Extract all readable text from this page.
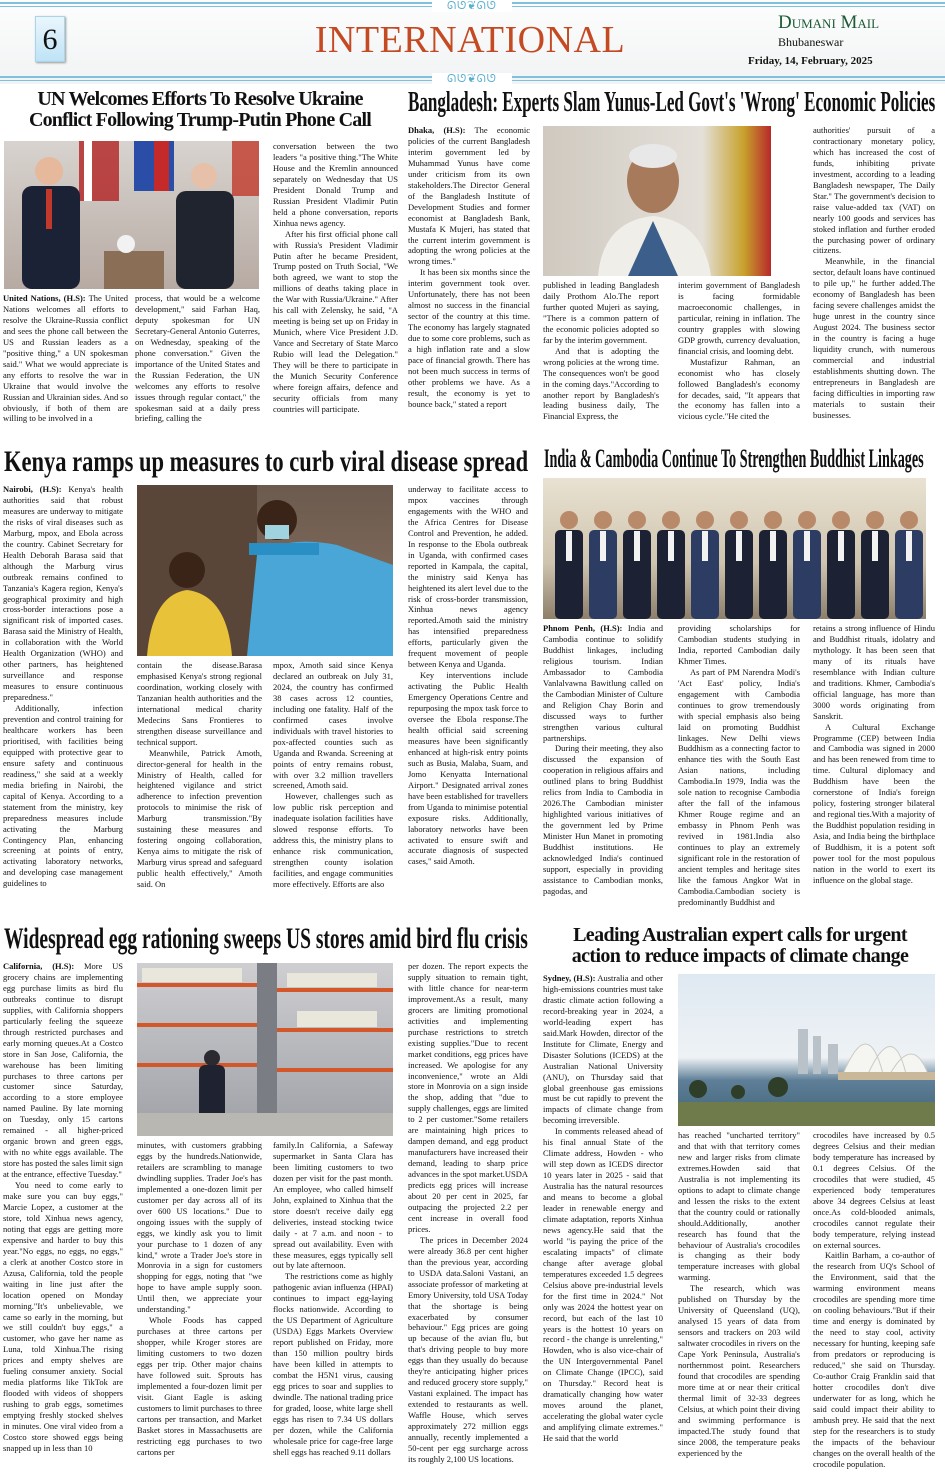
ᘏᘎ❦ᘏᘎ
ᘏᘎ❦ᘏᘎ
6	INTERNATIONAL	Dumani Mail
Bhubaneswar
Friday, 14, February, 2025
UN Welcomes Efforts To Resolve Ukraine
Conflict Following Trump-Putin Phone Call

United Nations, (H.S): The United Nations welcomes all efforts to resolve the Ukraine-Russia conflict and sees the phone call between the US and Russian leaders as a "positive thing," a UN spokesman said." What we would appreciate is any efforts to resolve the war in Ukraine that would involve the Russian and Ukrainian sides. And so obviously, if both of them are willing to be involved in a

process, that would be a welcome development," said Farhan Haq, deputy spokesman for UN Secretary-General Antonio Guterres, on Wednesday, speaking of the phone conversation." Given the importance of the United States and the Russian Federation, the UN welcomes any efforts to resolve issues through regular contact," the spokesman said at a daily press briefing, calling the

conversation between the two leaders "a positive thing."The White House and the Kremlin announced separately on Wednesday that US President Donald Trump and Russian President Vladimir Putin held a phone conversation, reports Xinhua news agency.

After his first official phone call with Russia's President Vladimir Putin after he became President, Trump posted on Truth Social, "We both agreed, we want to stop the millions of deaths taking place in the War with Russia/Ukraine." After his call with Zelensky, he said, "A meeting is being set up on Friday in Munich, where Vice President J.D. Vance and Secretary of State Marco Rubio will lead the Delegation." They will be there to participate in the Munich Security Conference where foreign affairs, defence and security officials from many countries will participate.

Bangladesh: Experts Slam Yunus-Led Govt's 'Wrong' Economic Policies

Dhaka, (H.S): The economic policies of the current Bangladesh interim government led by Muhammad Yunus have come under criticism from its own stakeholders.The Director General of the Bangladesh Institute of Development Studies and former economist at Bangladesh Bank, Mustafa K Mujeri, has stated that the current interim government is adopting the wrong policies at the wrong times."

It has been six months since the interim government took over. Unfortunately, there has not been almost no success in the financial sector of the country at this time. The economy has largely stagnated due to some core problems, such as a high inflation rate and a slow pace of financial growth. There has not been much success in terms of other problems we have. As a result, the economy is yet to bounce back," stated a report

published in leading Bangladesh daily Prothom Alo.The report further quoted Mujeri as saying, "There is a common pattern of the economic policies adopted so far by the interim government.

And that is adopting the wrong policies at the wrong time. The consequences won't be good in the coming days."According to another report by Bangladesh's leading business daily, The Financial Express, the

interim government of Bangladesh is facing formidable macroeconomic challenges, in particular, reining in inflation. The country grapples with slowing GDP growth, currency devaluation, financial crisis, and looming debt.

Mustafizur Rahman, an economist who has closely followed Bangladesh's economy for decades, said, "It appears that the economy has fallen into a vicious cycle."He cited the

authorities' pursuit of a contractionary monetary policy, which has increased the cost of funds, inhibiting private investment, according to a leading Bangladesh newspaper, The Daily Star." The government's decision to raise value-added tax (VAT) on nearly 100 goods and services has stoked inflation and further eroded the purchasing power of ordinary citizens.

Meanwhile, in the financial sector, default loans have continued to pile up," he further added.The economy of Bangladesh has been facing severe challenges amidst the huge unrest in the country since August 2024. The business sector in the country is facing a huge liquidity crunch, with numerous commercial and industrial establishments shutting down. The entrepreneurs in Bangladesh are facing difficulties in importing raw materials to sustain their businesses.

Kenya ramps up measures to curb viral disease spread

Nairobi, (H.S): Kenya's health authorities said that robust measures are underway to mitigate the risks of viral diseases such as Marburg, mpox, and Ebola across the country. Cabinet Secretary for Health Deborah Barasa said that although the Marburg virus outbreak remains confined to Tanzania's Kagera region, Kenya's geographical proximity and high cross-border interactions pose a significant risk of imported cases. Barasa said the Ministry of Health, in collaboration with the World Health Organization (WHO) and other partners, has heightened surveillance and response measures to ensure continuous preparedness."

Additionally, infection prevention and control training for healthcare workers has been prioritised, with facilities being equipped with protective gear to ensure safety and continuous readiness," she said at a weekly media briefing in Nairobi, the capital of Kenya. According to a statement from the ministry, key preparedness measures include activating the Marburg Contingency Plan, enhancing screening at points of entry, activating laboratory networks, and developing case management guidelines to

contain the disease.Barasa emphasised Kenya's strong regional coordination, working closely with Tanzanian health authorities and the international medical charity Medecins Sans Frontieres to strengthen disease surveillance and technical support.

Meanwhile, Patrick Amoth, director-general for health in the Ministry of Health, called for heightened vigilance and strict adherence to infection prevention protocols to minimise the risk of Marburg transmission."By sustaining these measures and fostering ongoing collaboration, Kenya aims to mitigate the risk of Marburg virus spread and safeguard public health effectively," Amoth said. On

mpox, Amoth said since Kenya declared an outbreak on July 31, 2024, the country has confirmed 38 cases across 12 counties, including one fatality. Half of the confirmed cases involve individuals with travel histories to pox-affected counties such as Uganda and Rwanda. Screening at points of entry remains robust, with over 3.2 million travellers screened, Amoth said.

However, challenges such as low public risk perception and inadequate isolation facilities have slowed response efforts. To address this, the ministry plans to enhance risk communication, strengthen county isolation facilities, and engage communities more effectively. Efforts are also

underway to facilitate access to mpox vaccines through engagements with the WHO and the Africa Centres for Disease Control and Prevention, he added. In response to the Ebola outbreak in Uganda, with confirmed cases reported in Kampala, the capital, the ministry said Kenya has heightened its alert level due to the risk of cross-border transmission, Xinhua news agency reported.Amoth said the ministry has intensified preparedness efforts, particularly given the frequent movement of people between Kenya and Uganda.

Key interventions include activating the Public Health Emergency Operations Centre and repurposing the mpox task force to oversee the Ebola response.The health official said screening measures have been significantly enhanced at high-risk entry points such as Busia, Malaba, Suam, and Jomo Kenyatta International Airport." Designated arrival zones have been established for travellers from Uganda to minimise potential exposure risks. Additionally, laboratory networks have been activated to ensure swift and accurate diagnosis of suspected cases," said Amoth.

India & Cambodia Continue To Strengthen Buddhist Linkages

Phnom Penh, (H.S): India and Cambodia continue to solidify Buddhist linkages, including religious tourism. Indian Ambassador to Cambodia Vanlalvawna Bawitlung called on the Cambodian Minister of Culture and Religion Chay Borin and discussed ways to further strengthen various cultural partnerships.

During their meeting, they also discussed the expansion of cooperation in religious affairs and outlined plans to bring Buddhist relics from India to Cambodia in 2026.The Cambodian minister highlighted various initiatives of the government led by Prime Minister Hun Manet in promoting Buddhist institutions. He acknowledged India's continued support, especially in providing assistance to Cambodian monks, pagodas, and

providing scholarships for Cambodian students studying in India, reported Cambodian daily Khmer Times.

As part of PM Narendra Modi's 'Act East' policy, India's engagement with Cambodia continues to grow tremendously with special emphasis also being laid on promoting Buddhist linkages. New Delhi views Buddhism as a connecting factor to enhance ties with the South East Asian nations, including Cambodia.In 1979, India was the sole nation to recognise Cambodia after the fall of the infamous Khmer Rouge regime and an embassy in Phnom Penh was revived in 1981.India also continues to play an extremely significant role in the restoration of ancient temples and heritage sites like the famous Angkor Wat in Cambodia.Cambodian society is predominantly Buddhist and

retains a strong influence of Hindu and Buddhist rituals, idolatry and mythology. It has been seen that many of its rituals have resemblance with Indian culture and traditions. Khmer, Cambodia's official language, has more than 3000 words originating from Sanskrit.

A Cultural Exchange Programme (CEP) between India and Cambodia was signed in 2000 and has been renewed from time to time. Cultural diplomacy and Buddhism have been the cornerstone of India's foreign policy, fostering stronger bilateral and regional ties.With a majority of the Buddhist population residing in Asia, and India being the birthplace of Buddhism, it is a potent soft power tool for the most populous nation in the world to exert its influence on the global stage.

Widespread egg rationing sweeps US stores amid bird flu crisis

California, (H.S): More US grocery chains are implementing egg purchase limits as bird flu outbreaks continue to disrupt supplies, with California shoppers particularly feeling the squeeze through restricted purchases and early morning queues.At a Costco store in San Jose, California, the warehouse has been limiting purchases to three cartons per customer since Saturday, according to a store employee named Pauline. By late morning on Tuesday, only 15 cartons remained - all higher-priced organic brown and green eggs, with no white eggs available. The store has posted the sales limit sign at the entrance, effective Tuesday."

You need to come early to make sure you can buy eggs," Marcie Lopez, a customer at the store, told Xinhua news agency, noting that eggs are getting more expensive and harder to buy this year."No eggs, no eggs, no eggs," a clerk at another Costco store in Azusa, California, told the people waiting in line just after the location opened on Monday morning."It's unbelievable, we came so early in the morning, but we still couldn't buy eggs," a customer, who gave her name as Luna, told Xinhua.The rising prices and empty shelves are fueling consumer anxiety. Social media platforms like TikTok are flooded with videos of shoppers rushing to grab eggs, sometimes emptying freshly stocked shelves in minutes. One viral video from a Costco store showed eggs being snapped up in less than 10

minutes, with customers grabbing eggs by the hundreds.Nationwide, retailers are scrambling to manage dwindling supplies. Trader Joe's has implemented a one-dozen limit per customer per day across all of its over 600 US locations." Due to ongoing issues with the supply of eggs, we kindly ask you to limit your purchase to 1 dozen of any kind," wrote a Trader Joe's store in Monrovia in a sign for customers shopping for eggs, noting that "we hope to have ample supply soon. Until then, we appreciate your understanding."

Whole Foods has capped purchases at three cartons per shopper, while Kroger stores are limiting customers to two dozen eggs per trip. Other major chains have followed suit. Sprouts has implemented a four-dozen limit per visit. Giant Eagle is asking customers to limit purchases to three cartons per transaction, and Market Basket stores in Massachusetts are restricting egg purchases to two cartons per

family.In California, a Safeway supermarket in Santa Clara has been limiting customers to two dozen per visit for the past month. An employee, who called himself John, explained to Xinhua that the store doesn't receive daily egg deliveries, instead stocking twice daily - at 7 a.m. and noon - to spread out availability. Even with these measures, eggs typically sell out by late afternoon.

The restrictions come as highly pathogenic avian influenza (HPAI) continues to impact egg-laying flocks nationwide. According to the US Department of Agriculture (USDA) Eggs Markets Overview report published on Friday, more than 150 million poultry birds have been killed in attempts to combat the H5N1 virus, causing egg prices to soar and supplies to dwindle. The national trading price for graded, loose, white large shell eggs has risen to 7.34 US dollars per dozen, while the California wholesale price for cage-free large shell eggs has reached 9.11 dollars

per dozen. The report expects the supply situation to remain tight, with little chance for near-term improvement.As a result, many grocers are limiting promotional activities and implementing purchase restrictions to stretch existing supplies."Due to recent market conditions, egg prices have increased. We apologise for any inconvenience," wrote an Aldi store in Monrovia on a sign inside the shop, adding that "due to supply challenges, eggs are limited to 2 per customer."Some retailers are maintaining high prices to dampen demand, and egg product manufacturers have increased their demand, leading to sharp price advances in the spot market.USDA predicts egg prices will increase about 20 per cent in 2025, far outpacing the projected 2.2 per cent increase in overall food prices.

The prices in December 2024 were already 36.8 per cent higher than the previous year, according to USDA data.Saloni Vastani, an associate professor of marketing at Emory University, told USA Today that the shortage is being exacerbated by consumer behaviour." Egg prices are going up because of the avian flu, but that's driving people to buy more eggs than they usually do because they're anticipating higher prices and reduced grocery store supply," Vastani explained. The impact has extended to restaurants as well. Waffle House, which serves approximately 272 million eggs annually, recently implemented a 50-cent per egg surcharge across its roughly 2,100 US locations.

Leading Australian expert calls for urgent
action to reduce impacts of climate change

Sydney, (H.S): Australia and other high-emissions countries must take drastic climate action following a record-breaking year in 2024, a world-leading expert has said.Mark Howden, director of the Institute for Climate, Energy and Disaster Solutions (ICEDS) at the Australian National University (ANU), on Thursday said that global greenhouse gas emissions must be cut rapidly to prevent the impacts of climate change from becoming irreversible.

In comments released ahead of his final annual State of the Climate address, Howden - who will step down as ICEDS director 10 years later in 2025 - said that Australia has the natural resources and means to become a global leader in renewable energy and climate adaptation, reports Xinhua news agency.He said that the world "is paying the price of the escalating impacts" of climate change after average global temperatures exceeded 1.5 degrees Celsius above pre-industrial levels for the first time in 2024." Not only was 2024 the hottest year on record, but each of the last 10 years is the hottest 10 years on record - the change is unrelenting," Howden, who is also vice-chair of the UN Intergovernmental Panel on Climate Change (IPCC), said on Thursday." Record heat is dramatically changing how water moves around the planet, accelerating the global water cycle and amplifying climate extremes." He said that the world

has reached "uncharted territory" and that with that territory comes new and larger risks from climate extremes.Howden said that Australia is not implementing its options to adapt to climate change and lessen the risks to the extent that the country could or rationally should.Additionally, another research has found that the behaviour of Australia's crocodiles is changing as their body temperature increases with global warming.

The research, which was published on Thursday by the University of Queensland (UQ), analysed 15 years of data from sensors and trackers on 203 wild saltwater crocodiles in rivers on the Cape York Peninsula, Australia's northernmost point. Researchers found that crocodiles are spending more time at or near their critical thermal limit of 32-33 degrees Celsius, at which point their diving and swimming performance is impacted.The study found that since 2008, the temperature peaks experienced by the

crocodiles have increased by 0.5 degrees Celsius and their median body temperature has increased by 0.1 degrees Celsius. Of the crocodiles that were studied, 45 experienced body temperatures above 34 degrees Celsius at least once.As cold-blooded animals, crocodiles cannot regulate their body temperature, relying instead on external sources.

Kaitlin Barham, a co-author of the research from UQ's School of the Environment, said that the warming environment means crocodiles are spending more time on cooling behaviours."But if their time and energy is dominated by the need to stay cool, activity necessary for hunting, keeping safe from predators or reproducing is reduced," she said on Thursday. Co-author Craig Franklin said that hotter crocodiles don't dive underwater for as long, which he said could impact their ability to ambush prey. He said that the next step for the researchers is to study the impacts of the behaviour changes on the overall health of the crocodile population.
